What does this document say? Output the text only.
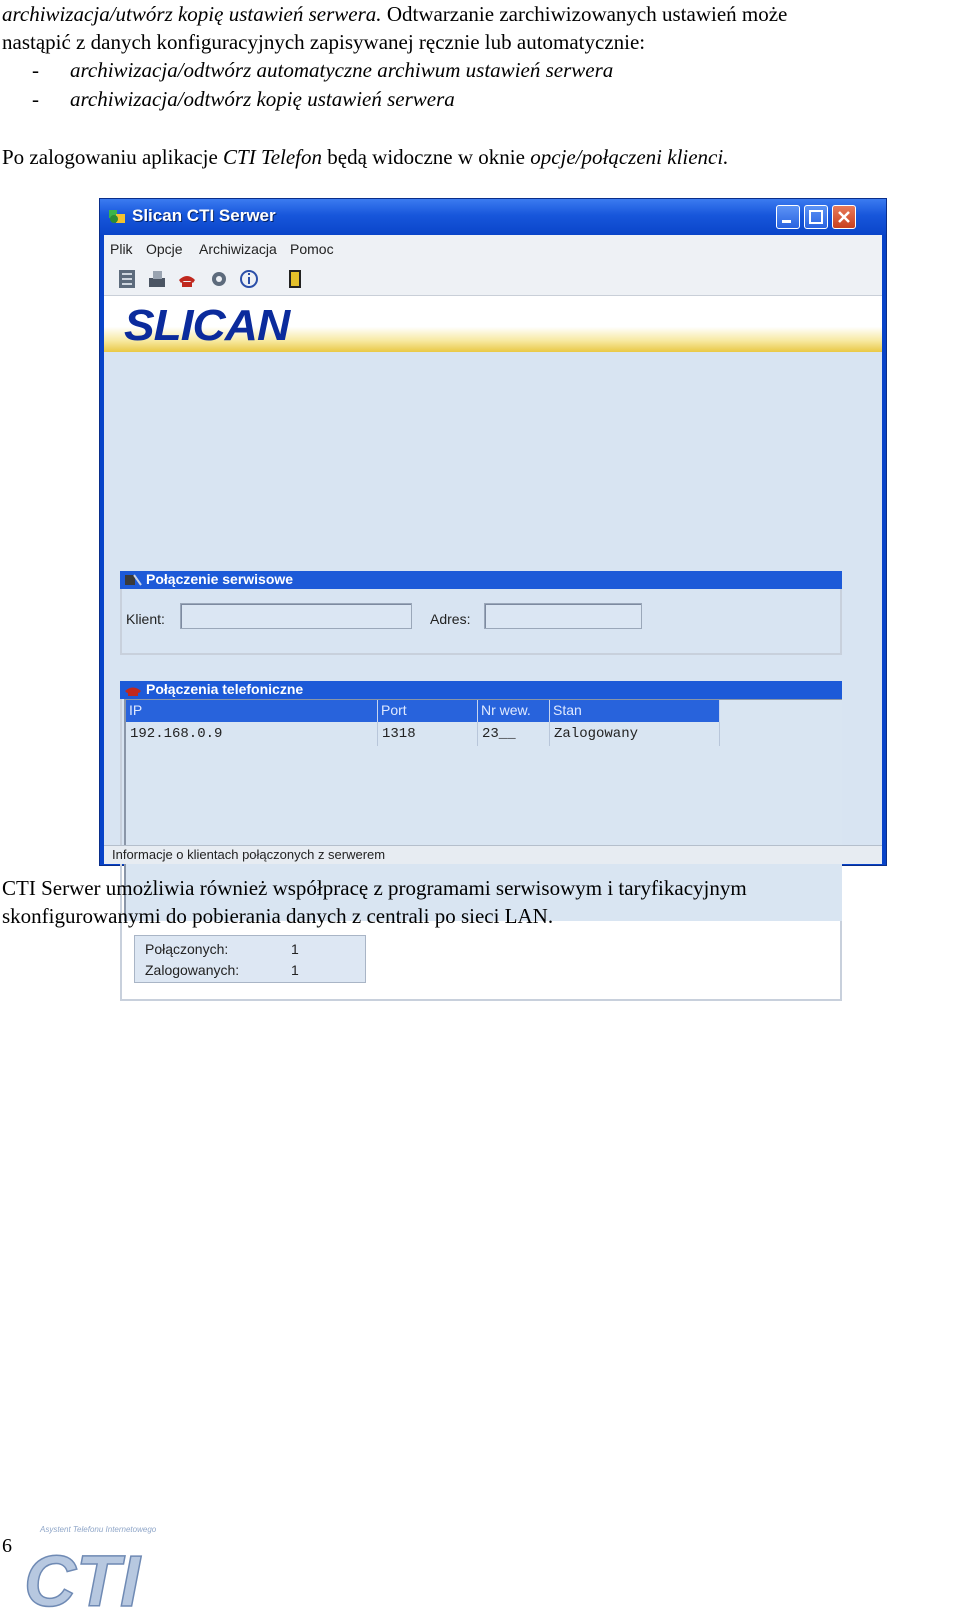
archiwizacja/utwórz kopię ustawień serwera. Odtwarzanie zarchiwizowanych ustawień może
nastąpić z danych konfiguracyjnych zapisywanej ręcznie lub automatycznie:
- archiwizacja/odtwórz automatyczne archiwum ustawień serwera
- archiwizacja/odtwórz kopię ustawień serwera
Po zalogowaniu aplikacje CTI Telefon będą widoczne w oknie opcje/połączeni klienci.
Slican CTI Serwer
Plik Opcje Archiwizacja Pomoc
SLICAN
Połączenie serwisowe
Klient:	Adres:
Połączenia telefoniczne
IP	Port	Nr wew.	Stan
192.168.0.9	1318	23__	Zalogowany
Połączonych:	1
Zalogowanych:	1
Informacje o klientach połączonych z serwerem
CTI Serwer umożliwia również współpracę z programami serwisowym i taryfikacyjnym
skonfigurowanymi do pobierania danych z centrali po sieci LAN.
6
Asystent Telefonu Internetowego
CTI
